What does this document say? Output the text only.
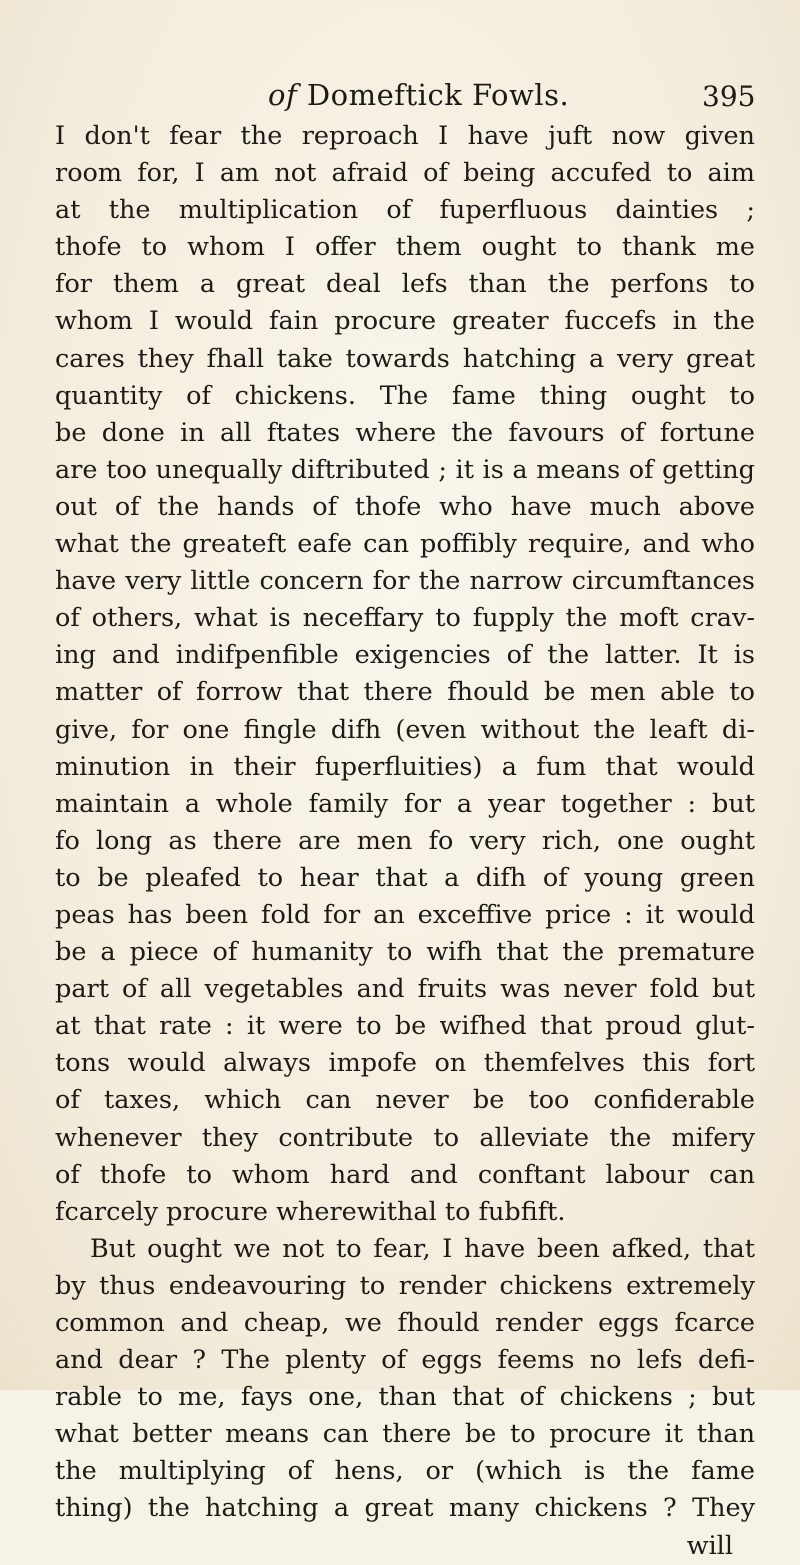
of Domeftick Fowls.	395
I don't fear the reproach I have juft now given
room for, I am not afraid of being accufed to aim
at the multiplication of fuperfluous dainties ;
thofe to whom I offer them ought to thank me
for them a great deal lefs than the perfons to
whom I would fain procure greater fuccefs in the
cares they fhall take towards hatching a very great
quantity of chickens. The fame thing ought to
be done in all ftates where the favours of fortune
are too unequally diftributed ; it is a means of getting
out of the hands of thofe who have much above
what the greateft eafe can poffibly require, and who
have very little concern for the narrow circumftances
of others, what is neceffary to fupply the moft crav-
ing and indifpenfible exigencies of the latter. It is
matter of forrow that there fhould be men able to
give, for one fingle difh (even without the leaft di-
minution in their fuperfluities) a fum that would
maintain a whole family for a year together : but
fo long as there are men fo very rich, one ought
to be pleafed to hear that a difh of young green
peas has been fold for an exceffive price : it would
be a piece of humanity to wifh that the premature
part of all vegetables and fruits was never fold but
at that rate : it were to be wifhed that proud glut-
tons would always impofe on themfelves this fort
of taxes, which can never be too confiderable
whenever they contribute to alleviate the mifery
of thofe to whom hard and conftant labour can
fcarcely procure wherewithal to fubfift.
But ought we not to fear, I have been afked, that
by thus endeavouring to render chickens extremely
common and cheap, we fhould render eggs fcarce
and dear ? The plenty of eggs feems no lefs defi-
rable to me, fays one, than that of chickens ; but
what better means can there be to procure it than
the multiplying of hens, or (which is the fame
thing) the hatching a great many chickens ? They
will
